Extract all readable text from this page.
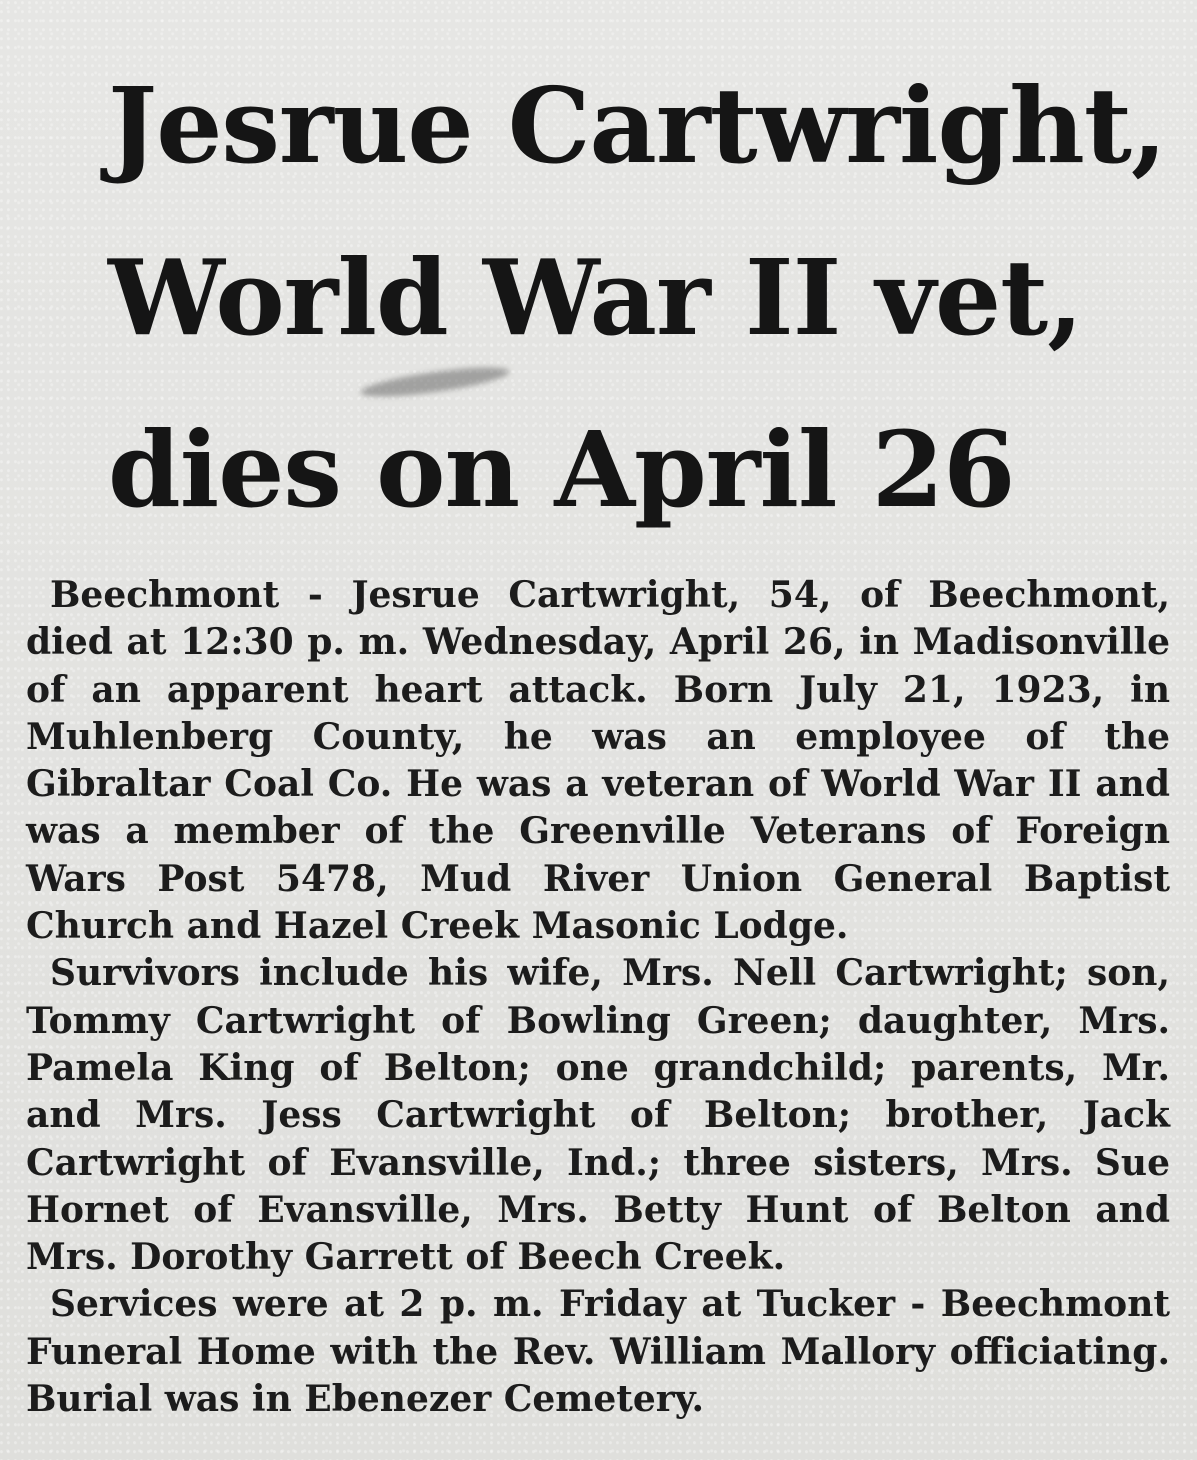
Jesrue Cartwright,
World War II vet,
dies on April 26

Beechmont - Jesrue Cartwright, 54, of Beechmont, died at 12:30 p. m. Wednesday, April 26, in Madisonville of an apparent heart attack. Born July 21, 1923, in Muhlenberg County, he was an employee of the Gibraltar Coal Co. He was a veteran of World War II and was a member of the Greenville Veterans of Foreign Wars Post 5478, Mud River Union General Baptist Church and Hazel Creek Masonic Lodge.

Survivors include his wife, Mrs. Nell Cartwright; son, Tommy Cartwright of Bowling Green; daughter, Mrs. Pamela King of Belton; one grandchild; parents, Mr. and Mrs. Jess Cartwright of Belton; brother, Jack Cartwright of Evansville, Ind.; three sisters, Mrs. Sue Hornet of Evansville, Mrs. Betty Hunt of Belton and Mrs. Dorothy Garrett of Beech Creek.

Services were at 2 p. m. Friday at Tucker - Beechmont Funeral Home with the Rev. William Mallory officiating. Burial was in Ebenezer Cemetery.
